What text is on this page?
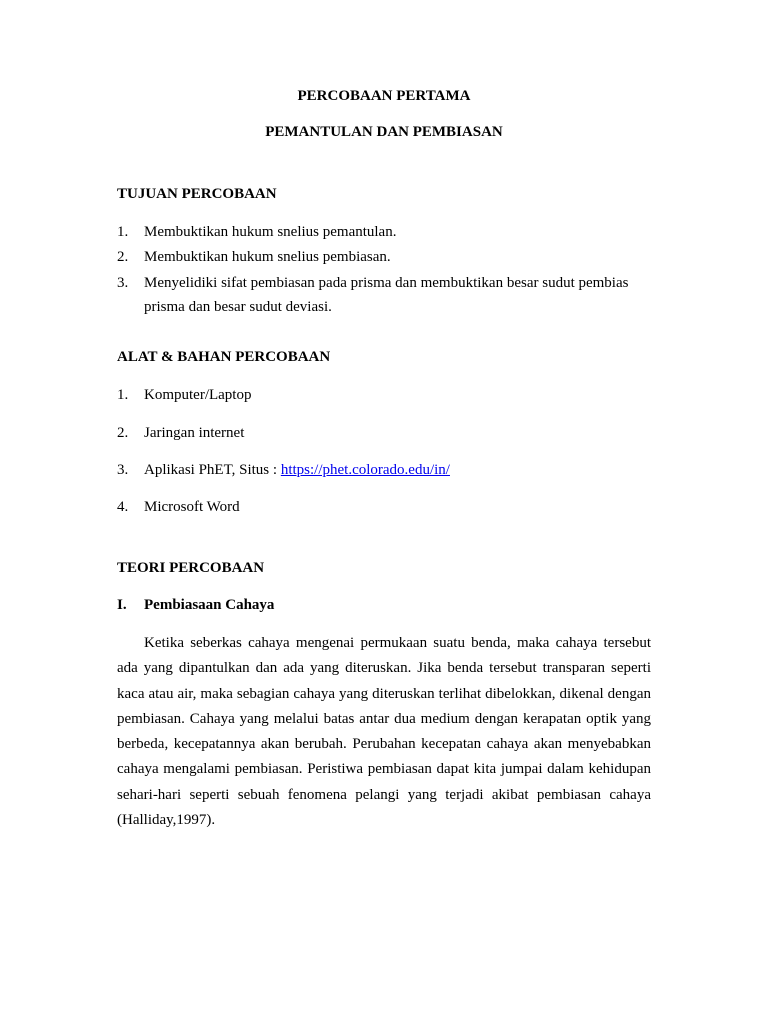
PERCOBAAN PERTAMA
PEMANTULAN DAN PEMBIASAN
TUJUAN PERCOBAAN
1. Membuktikan hukum snelius pemantulan.
2. Membuktikan hukum snelius pembiasan.
3. Menyelidiki sifat pembiasan pada prisma dan membuktikan besar sudut pembias
prisma dan besar sudut deviasi.
ALAT & BAHAN PERCOBAAN
1. Komputer/Laptop
2. Jaringan internet
3. Aplikasi PhET, Situs : https://phet.colorado.edu/in/
4. Microsoft Word
TEORI PERCOBAAN
I. Pembiasaan Cahaya
Ketika seberkas cahaya mengenai permukaan suatu benda, maka cahaya tersebut ada yang dipantulkan dan ada yang diteruskan. Jika benda tersebut transparan seperti kaca atau air, maka sebagian cahaya yang diteruskan terlihat dibelokkan, dikenal dengan pembiasan. Cahaya yang melalui batas antar dua medium dengan kerapatan optik yang berbeda, kecepatannya akan berubah. Perubahan kecepatan cahaya akan menyebabkan cahaya mengalami pembiasan. Peristiwa pembiasan dapat kita jumpai dalam kehidupan sehari-hari seperti sebuah fenomena pelangi yang terjadi akibat pembiasan cahaya (Halliday,1997).
